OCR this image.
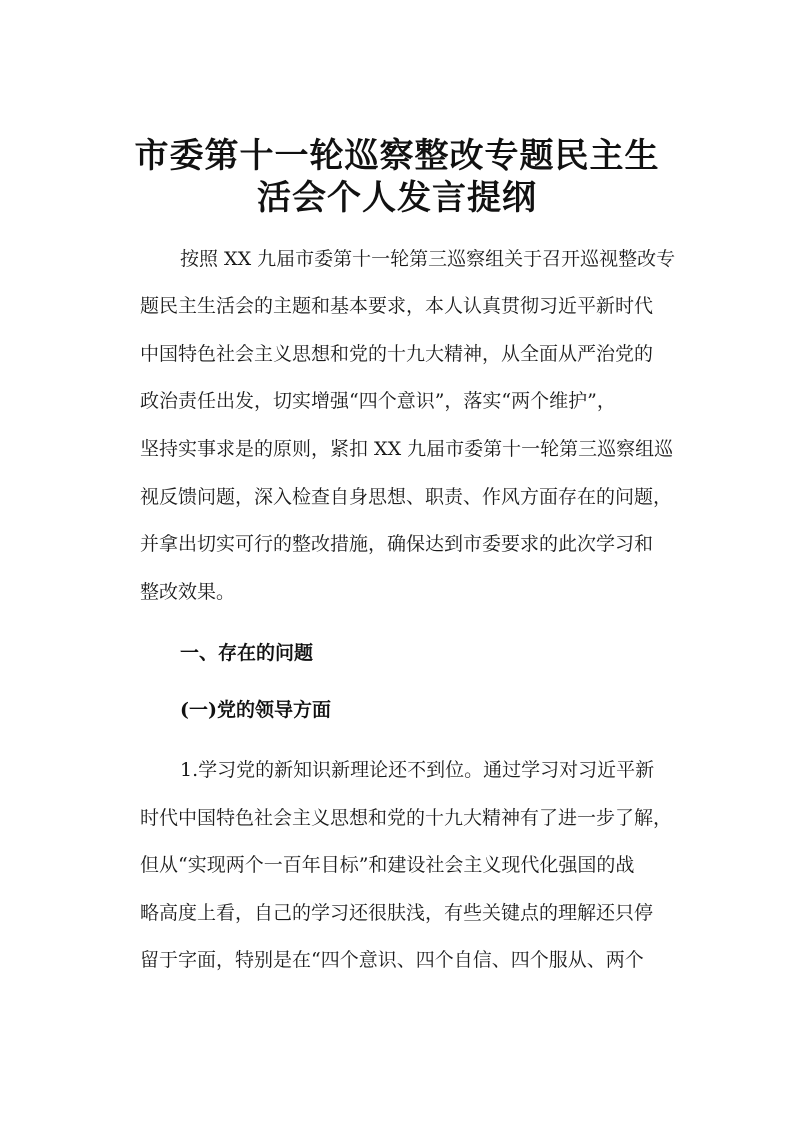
市委第十一轮巡察整改专题民主生
活会个人发言提纲
按照 XX 九届市委第十一轮第三巡察组关于召开巡视整改专
题民主生活会的主题和基本要求，本人认真贯彻习近平新时代
中国特色社会主义思想和党的十九大精神，从全面从严治党的
政治责任出发，切实增强“四个意识”，落实“两个维护”，
坚持实事求是的原则，紧扣 XX 九届市委第十一轮第三巡察组巡
视反馈问题，深入检查自身思想、职责、作风方面存在的问题，
并拿出切实可行的整改措施，确保达到市委要求的此次学习和
整改效果。
一、存在的问题
(一)党的领导方面
1.学习党的新知识新理论还不到位。通过学习对习近平新
时代中国特色社会主义思想和党的十九大精神有了进一步了解，
但从“实现两个一百年目标”和建设社会主义现代化强国的战
略高度上看，自己的学习还很肤浅，有些关键点的理解还只停
留于字面，特别是在“四个意识、四个自信、四个服从、两个
